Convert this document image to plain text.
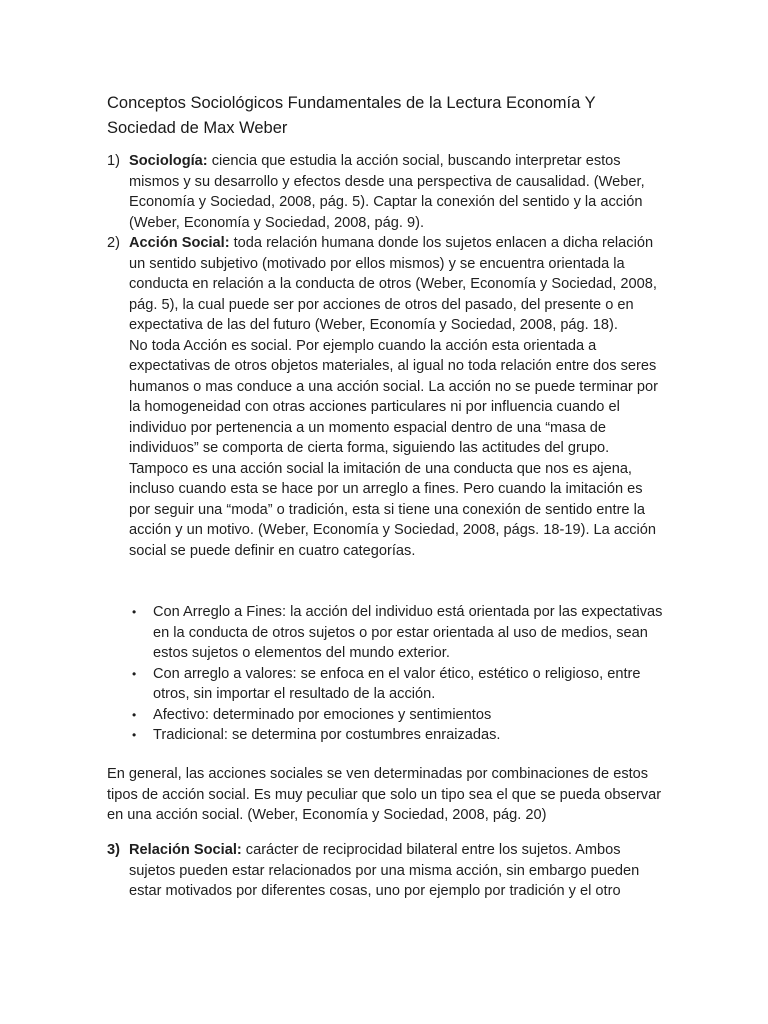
Conceptos Sociológicos Fundamentales de la Lectura Economía Y Sociedad de Max Weber
1) Sociología: ciencia que estudia la acción social, buscando interpretar estos mismos y su desarrollo y efectos desde una perspectiva de causalidad. (Weber, Economía y Sociedad, 2008, pág. 5). Captar la conexión del sentido y la acción (Weber, Economía y Sociedad, 2008, pág. 9).

2) Acción Social: toda relación humana donde los sujetos enlacen a dicha relación un sentido subjetivo (motivado por ellos mismos) y se encuentra orientada la conducta en relación a la conducta de otros (Weber, Economía y Sociedad, 2008, pág. 5), la cual puede ser por acciones de otros del pasado, del presente o en expectativa de las del futuro (Weber, Economía y Sociedad, 2008, pág. 18).

No toda Acción es social. Por ejemplo cuando la acción esta orientada a expectativas de otros objetos materiales, al igual no toda relación entre dos seres humanos o mas conduce a una acción social. La acción no se puede terminar por la homogeneidad con otras acciones particulares ni por influencia cuando el individuo por pertenencia a un momento espacial dentro de una “masa de individuos” se comporta de cierta forma, siguiendo las actitudes del grupo. Tampoco es una acción social la imitación de una conducta que nos es ajena, incluso cuando esta se hace por un arreglo a fines. Pero cuando la imitación es por seguir una “moda” o tradición, esta si tiene una conexión de sentido entre la acción y un motivo. (Weber, Economía y Sociedad, 2008, págs. 18-19). La acción social se puede definir en cuatro categorías.

• Con Arreglo a Fines: la acción del individuo está orientada por las expectativas en la conducta de otros sujetos o por estar orientada al uso de medios, sean estos sujetos o elementos del mundo exterior.
• Con arreglo a valores: se enfoca en el valor ético, estético o religioso, entre otros, sin importar el resultado de la acción.
• Afectivo: determinado por emociones y sentimientos
• Tradicional: se determina por costumbres enraizadas.

En general, las acciones sociales se ven determinadas por combinaciones de estos tipos de acción social. Es muy peculiar que solo un tipo sea el que se pueda observar en una acción social. (Weber, Economía y Sociedad, 2008, pág. 20)

3) Relación Social: carácter de reciprocidad bilateral entre los sujetos. Ambos sujetos pueden estar relacionados por una misma acción, sin embargo pueden estar motivados por diferentes cosas, uno por ejemplo por tradición y el otro
